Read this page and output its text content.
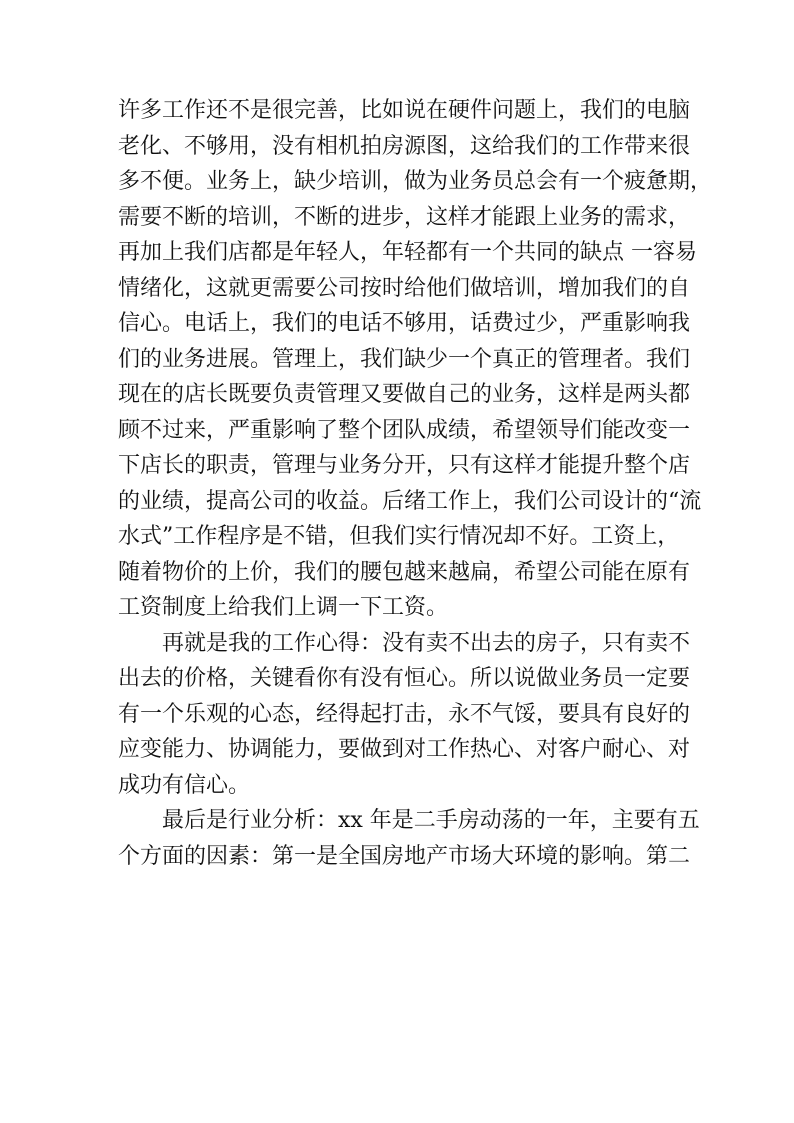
许多工作还不是很完善，比如说在硬件问题上，我们的电脑
老化、不够用，没有相机拍房源图，这给我们的工作带来很
多不便。业务上，缺少培训，做为业务员总会有一个疲惫期，
需要不断的培训，不断的进步，这样才能跟上业务的需求，
再加上我们店都是年轻人，年轻都有一个共同的缺点 一容易
情绪化，这就更需要公司按时给他们做培训，增加我们的自
信心。电话上，我们的电话不够用，话费过少，严重影响我
们的业务进展。管理上，我们缺少一个真正的管理者。我们
现在的店长既要负责管理又要做自己的业务，这样是两头都
顾不过来，严重影响了整个团队成绩，希望领导们能改变一
下店长的职责，管理与业务分开，只有这样才能提升整个店
的业绩，提高公司的收益。后绪工作上，我们公司设计的“流
水式”工作程序是不错，但我们实行情况却不好。工资上，
随着物价的上价，我们的腰包越来越扁，希望公司能在原有
工资制度上给我们上调一下工资。
再就是我的工作心得：没有卖不出去的房子，只有卖不
出去的价格，关键看你有没有恒心。所以说做业务员一定要
有一个乐观的心态，经得起打击，永不气馁，要具有良好的
应变能力、协调能力，要做到对工作热心、对客户耐心、对
成功有信心。
最后是行业分析：xx 年是二手房动荡的一年，主要有五
个方面的因素：第一是全国房地产市场大环境的影响。第二
